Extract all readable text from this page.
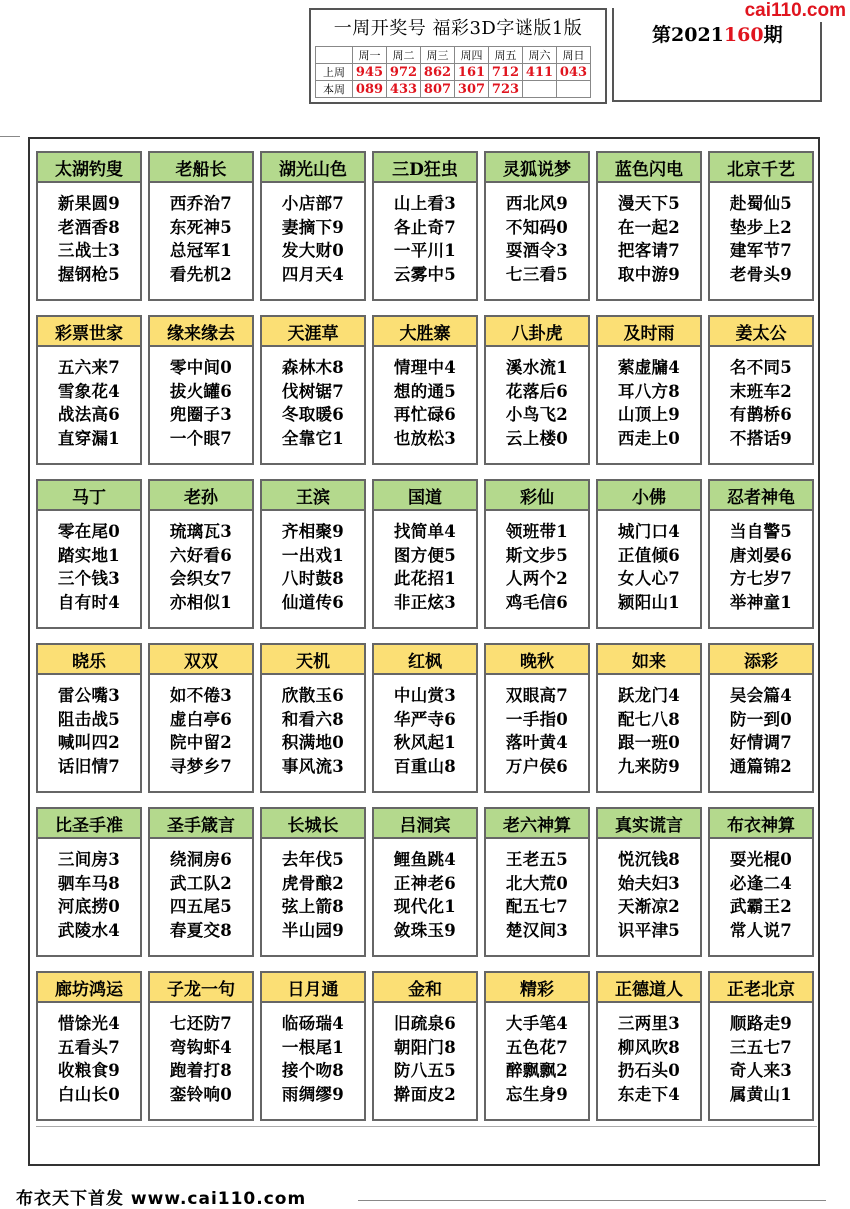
一周开奖号 福彩3D字谜版1版
	周一	周二	周三	周四	周五	周六	周日
上周	945	972	862	161	712	411	043
本周	089	433	807	307	723		
第2021160期
cai110.com
太湖钓叟
新果圆9
老酒香8
三战士3
握钢枪5
老船长
西乔治7
东死神5
总冠军1
看先机2
湖光山色
小店部7
妻摘下9
发大财0
四月天4
三D狂虫
山上看3
各止奇7
一平川1
云雾中5
灵狐说梦
西北风9
不知码0
耍酒令3
七三看5
蓝色闪电
漫天下5
在一起2
把客请7
取中游9
北京千艺
赴蜀仙5
垫步上2
建军节7
老骨头9
彩票世家
五六来7
雪象花4
战法高6
直穿漏1
缘来缘去
零中间0
拔火罐6
兜圈子3
一个眼7
天涯草
森林木8
伐树锯7
冬取暖6
全靠它1
大胜寨
情理中4
想的通5
再忙碌6
也放松3
八卦虎
溪水流1
花落后6
小鸟飞2
云上楼0
及时雨
萦虚牖4
耳八方8
山顶上9
西走上0
姜太公
名不同5
末班车2
有鹊桥6
不搭话9
马丁
零在尾0
踏实地1
三个钱3
自有时4
老孙
琉璃瓦3
六好看6
会织女7
亦相似1
王滨
齐相聚9
一出戏1
八时鼓8
仙道传6
国道
找简单4
图方便5
此花招1
非正炫3
彩仙
领班带1
斯文步5
人两个2
鸡毛信6
小佛
城门口4
正值倾6
女人心7
颍阳山1
忍者神龟
当自警5
唐刘晏6
方七岁7
举神童1
晓乐
雷公嘴3
阻击战5
喊叫四2
话旧情7
双双
如不倦3
虚白亭6
院中留2
寻梦乡7
天机
欣散玉6
和看六8
积满地0
事风流3
红枫
中山赏3
华严寺6
秋风起1
百重山8
晚秋
双眼高7
一手指0
落叶黄4
万户侯6
如来
跃龙门4
配七八8
跟一班0
九来防9
添彩
吴会篇4
防一到0
好情调7
通篇锦2
比圣手准
三间房3
驷车马8
河底捞0
武陵水4
圣手箴言
绕洞房6
武工队2
四五尾5
春夏交8
长城长
去年伐5
虎骨酿2
弦上箭8
半山园9
吕洞宾
鲤鱼跳4
正神老6
现代化1
敛珠玉9
老六神算
王老五5
北大荒0
配五七7
楚汉间3
真实谎言
悦沉钱8
始夫妇3
天渐凉2
识平津5
布衣神算
耍光棍0
必逢二4
武霸王2
常人说7
廊坊鸿运
惜馀光4
五看头7
收粮食9
白山长0
子龙一句
七还防7
弯钩虾4
跑着打8
銮铃响0
日月通
临砀瑞4
一根尾1
接个吻8
雨绸缪9
金和
旧疏泉6
朝阳门8
防八五5
擀面皮2
精彩
大手笔4
五色花7
醉飘飘2
忘生身9
正德道人
三两里3
柳风吹8
扔石头0
东走下4
正老北京
顺路走9
三五七7
奇人来3
属黄山1
布衣天下首发 www.cai110.com
